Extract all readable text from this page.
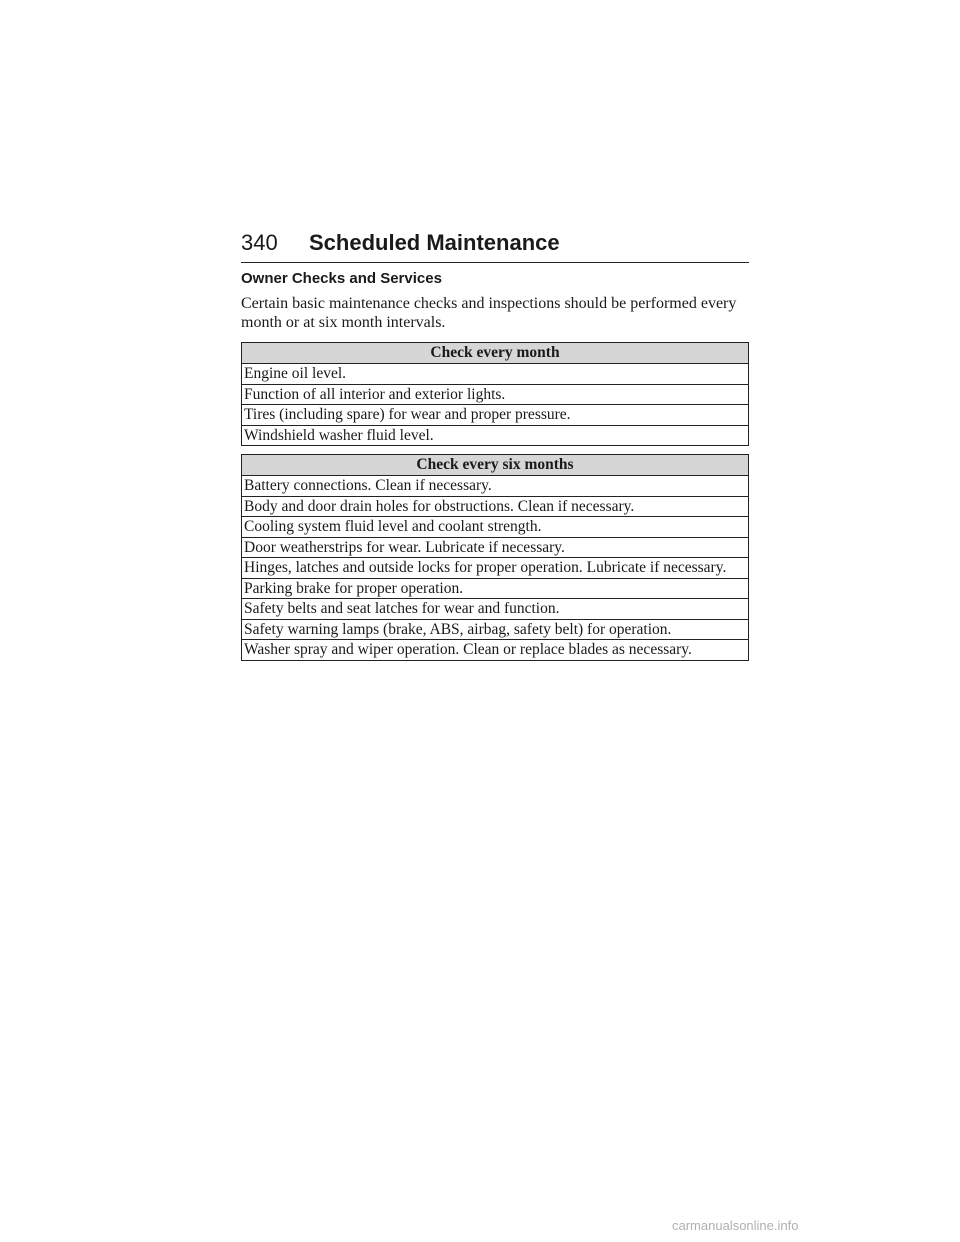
340 Scheduled Maintenance
Owner Checks and Services
Certain basic maintenance checks and inspections should be performed every month or at six month intervals.
Check every month
Engine oil level.
Function of all interior and exterior lights.
Tires (including spare) for wear and proper pressure.
Windshield washer fluid level.
Check every six months
Battery connections. Clean if necessary.
Body and door drain holes for obstructions. Clean if necessary.
Cooling system fluid level and coolant strength.
Door weatherstrips for wear. Lubricate if necessary.
Hinges, latches and outside locks for proper operation. Lubricate if necessary.
Parking brake for proper operation.
Safety belts and seat latches for wear and function.
Safety warning lamps (brake, ABS, airbag, safety belt) for operation.
Washer spray and wiper operation. Clean or replace blades as necessary.
carmanualsonline.info
